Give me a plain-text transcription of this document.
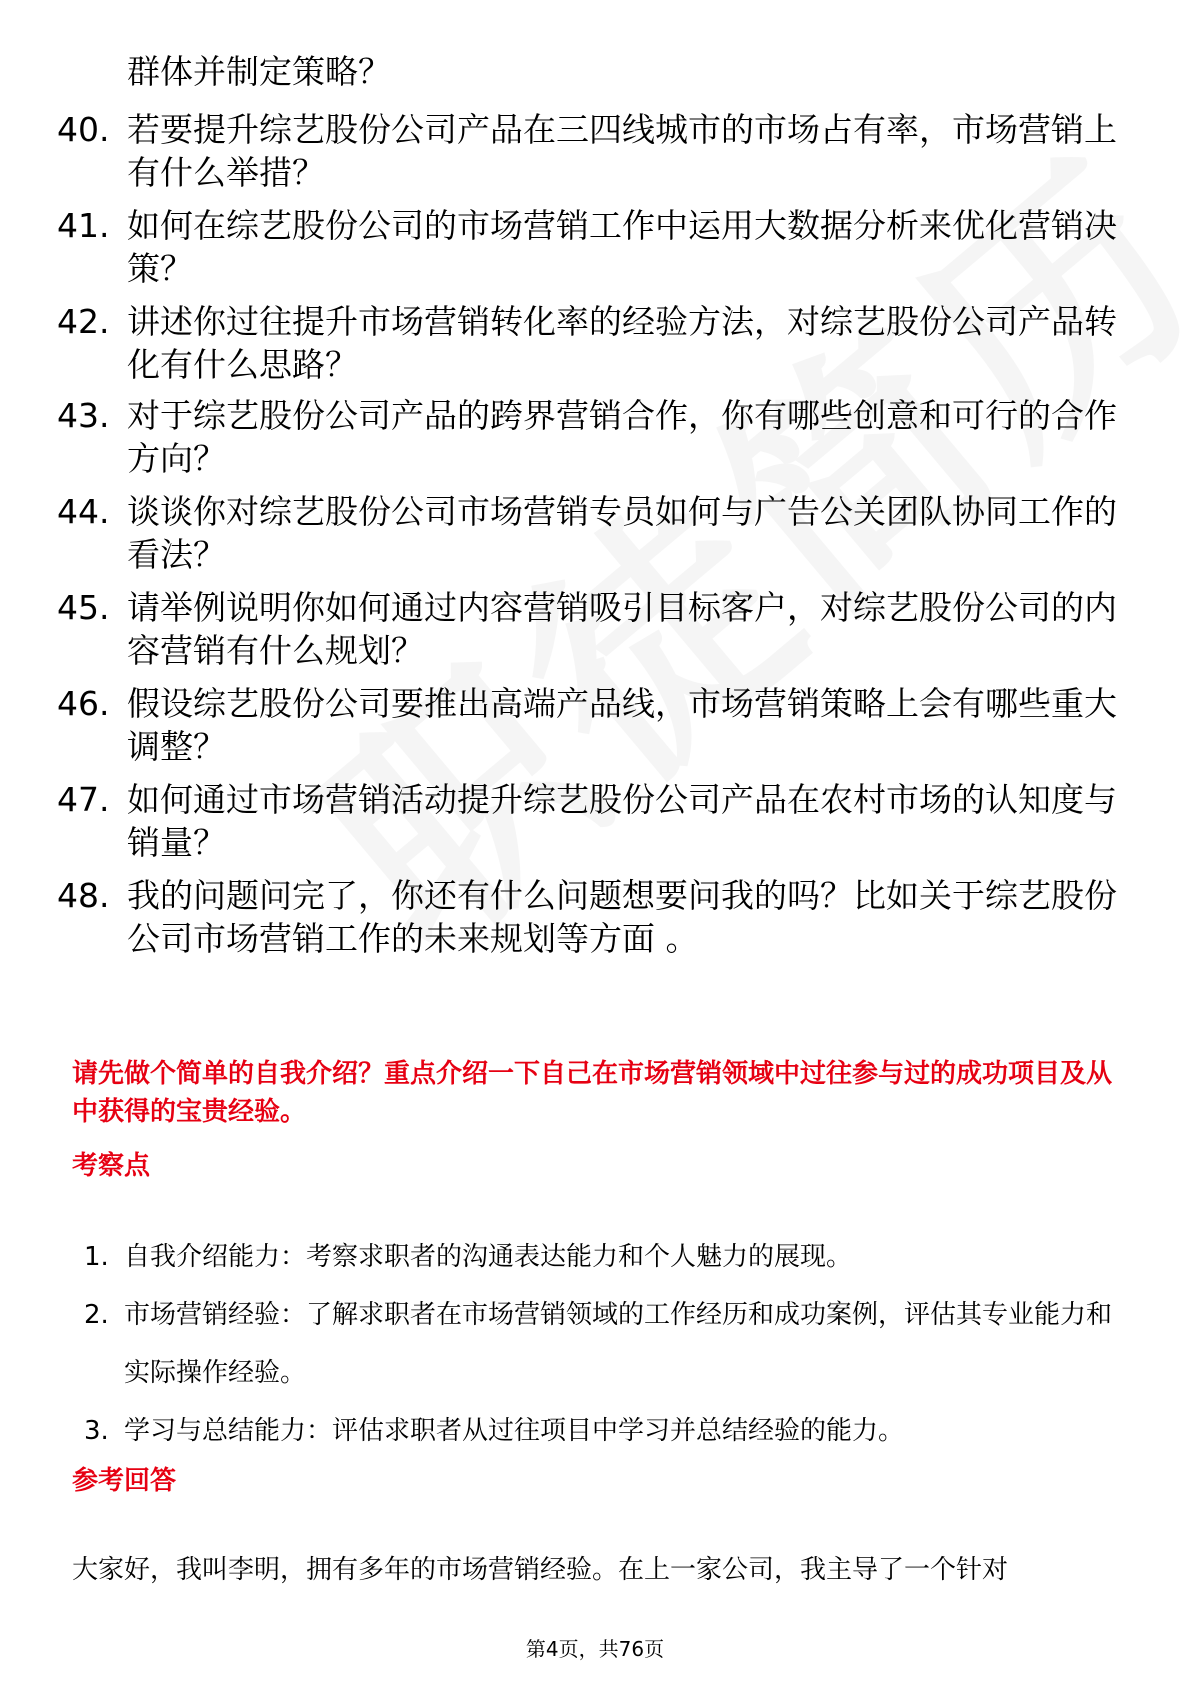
群体并制定策略？
40. 若要提升综艺股份公司产品在三四线城市的市场占有率，市场营销上有什么举措？
41. 如何在综艺股份公司的市场营销工作中运用大数据分析来优化营销决策？
42. 讲述你过往提升市场营销转化率的经验方法，对综艺股份公司产品转化有什么思路？
43. 对于综艺股份公司产品的跨界营销合作，你有哪些创意和可行的合作方向？
44. 谈谈你对综艺股份公司市场营销专员如何与广告公关团队协同工作的看法？
45. 请举例说明你如何通过内容营销吸引目标客户，对综艺股份公司的内容营销有什么规划？
46. 假设综艺股份公司要推出高端产品线，市场营销策略上会有哪些重大调整？
47. 如何通过市场营销活动提升综艺股份公司产品在农村市场的认知度与销量？
48. 我的问题问完了，你还有什么问题想要问我的吗？比如关于综艺股份公司市场营销工作的未来规划等方面 。
请先做个简单的自我介绍？重点介绍一下自己在市场营销领域中过往参与过的成功项目及从中获得的宝贵经验。
考察点
1. 自我介绍能力：考察求职者的沟通表达能力和个人魅力的展现。
2. 市场营销经验：了解求职者在市场营销领域的工作经历和成功案例，评估其专业能力和实际操作经验。
3. 学习与总结能力：评估求职者从过往项目中学习并总结经验的能力。
参考回答
大家好，我叫李明，拥有多年的市场营销经验。在上一家公司，我主导了一个针对
第4页，共76页
